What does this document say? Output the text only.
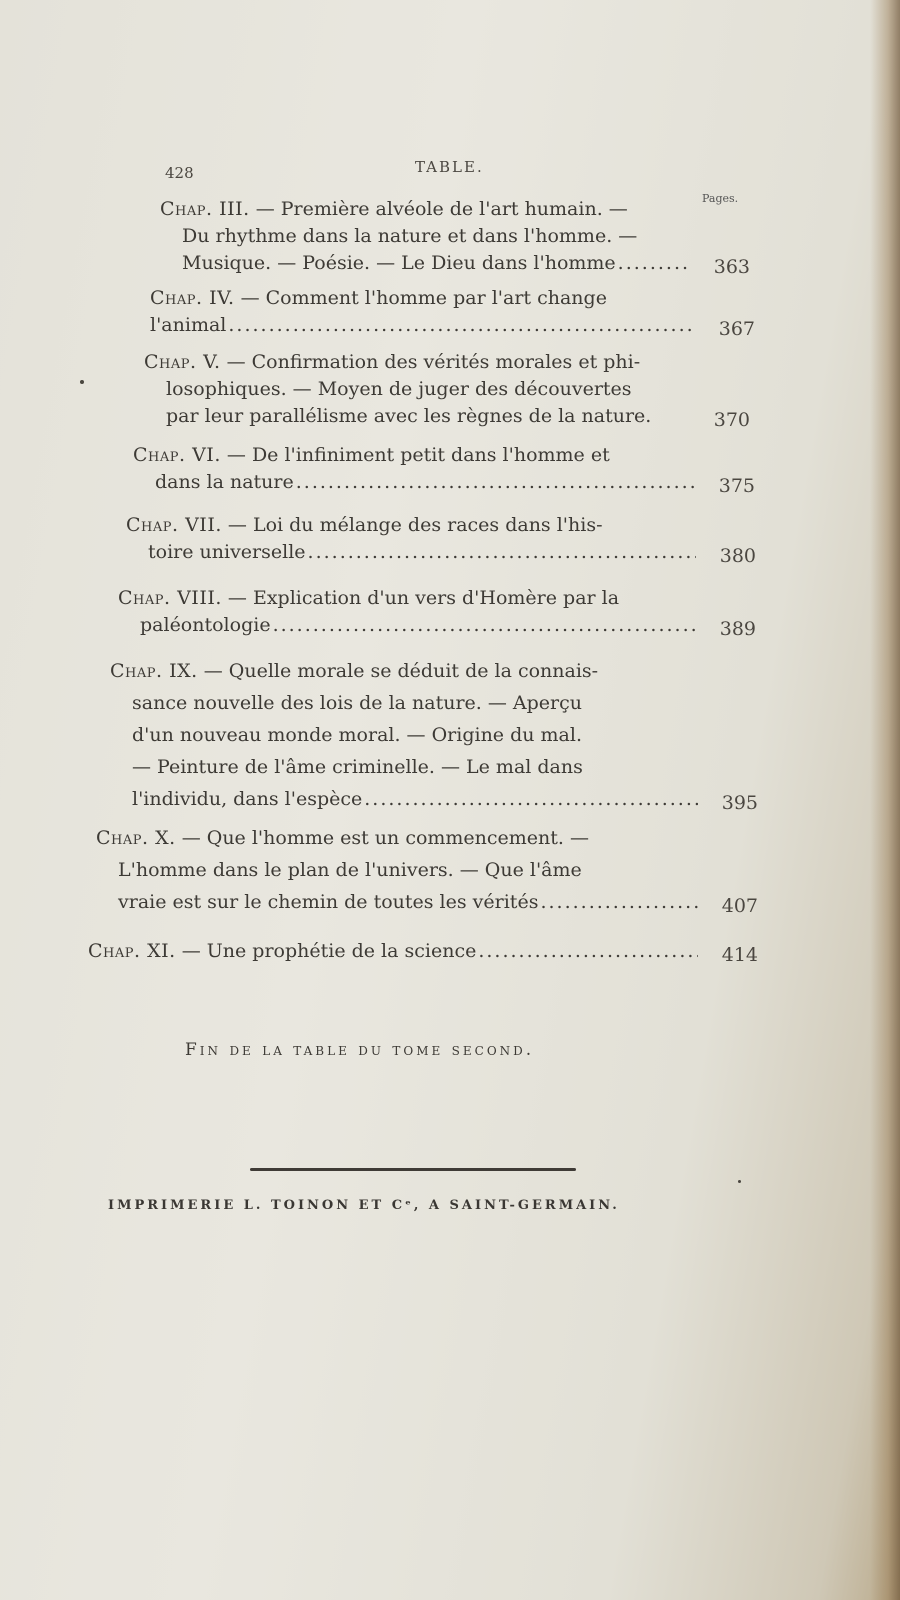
428	TABLE.
Pages.
Chap. III. — Première alvéole de l'art humain. —
Du rhythme dans la nature et dans l'homme. —
Musique. — Poésie. — Le Dieu dans l'homme .....	363
Chap. IV. — Comment l'homme par l'art change
l'animal .....	367
Chap. V. — Confirmation des vérités morales et phi-
losophiques. — Moyen de juger des découvertes
par leur parallélisme avec les règnes de la nature.	370
Chap. VI. — De l'infiniment petit dans l'homme et
dans la nature .....	375
Chap. VII. — Loi du mélange des races dans l'his-
toire universelle .....	380
Chap. VIII. — Explication d'un vers d'Homère par la
paléontologie .....	389
Chap. IX. — Quelle morale se déduit de la connais-
sance nouvelle des lois de la nature. — Aperçu
d'un nouveau monde moral. — Origine du mal.
— Peinture de l'âme criminelle. — Le mal dans
l'individu, dans l'espèce .....	395
Chap. X. — Que l'homme est un commencement. —
L'homme dans le plan de l'univers. — Que l'âme
vraie est sur le chemin de toutes les vérités .....	407
Chap. XI. — Une prophétie de la science .....	414
Fin de la table du tome second.
IMPRIMERIE L. TOINON ET Cᵉ, A SAINT-GERMAIN.
